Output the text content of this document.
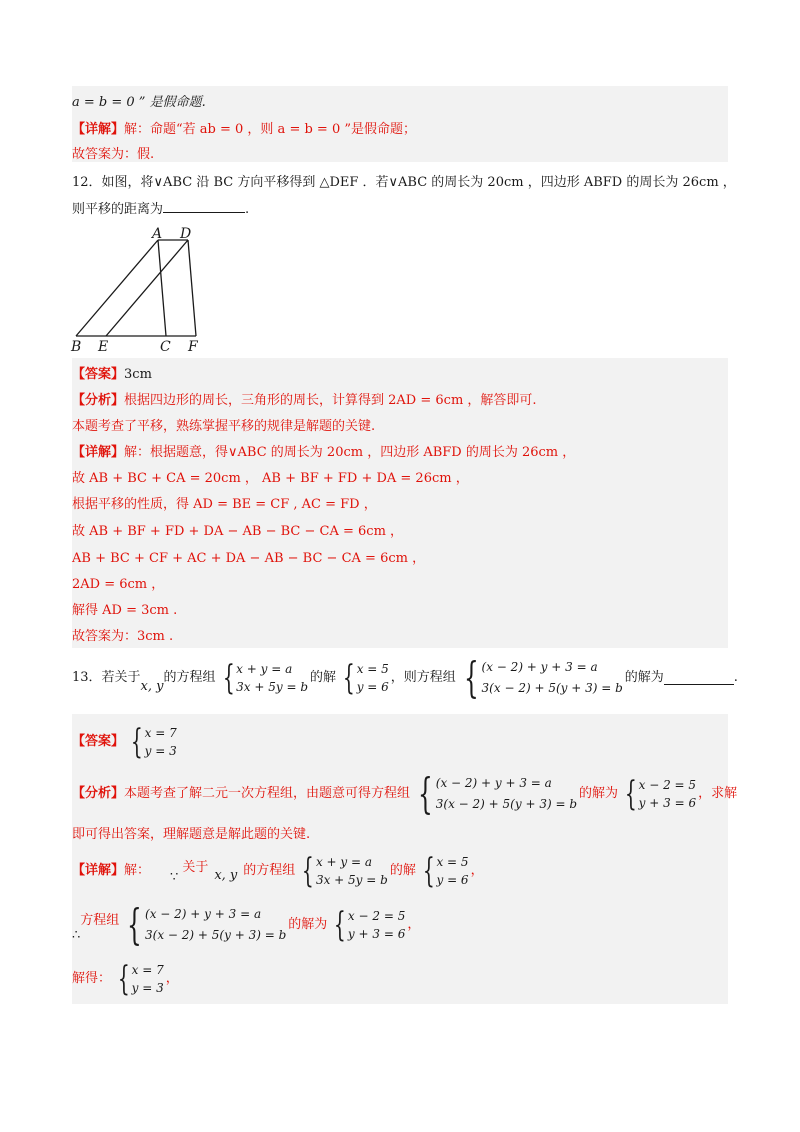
a = b = 0 ” 是假命题.
【详解】解：命题“若 ab = 0 ，则 a = b = 0 ”是假命题；
故答案为：假.
12．如图，将∨ABC 沿 BC 方向平移得到 △DEF ．若∨ABC 的周长为 20cm ，四边形 ABFD 的周长为 26cm ，
则平移的距离为	.
A D
B E	C F
【答案】3cm
【分析】根据四边形的周长，三角形的周长，计算得到 2AD = 6cm ，解答即可.
本题考查了平移，熟练掌握平移的规律是解题的关键.
【详解】解：根据题意，得∨ABC 的周长为 20cm ，四边形 ABFD 的周长为 26cm ，
故 AB + BC + CA = 20cm ， AB + BF + FD + DA = 26cm ，
根据平移的性质，得 AD = BE = CF , AC = FD ，
故 AB + BF + FD + DA − AB − BC − CA = 6cm ，
AB + BC + CF + AC + DA − AB − BC − CA = 6cm ，
2AD = 6cm ，
解得 AD = 3cm .
故答案为：3cm .
13．若关于
x, y
的方程组 { x + y = a
3x + 5y = b
的解 { x = 5
y = 6
，则方程组 { (x − 2) + y + 3 = a
3(x − 2) + 5(y + 3) = b
的解为	.
【答案】 { x = 7
y = 3
【分析】 本题考查了解二元一次方程组，由题意可得方程组 { (x − 2) + y + 3 = a
3(x − 2) + 5(y + 3) = b
的解为 { x − 2 = 5
y + 3 = 6
，求解
即可得出答案，理解题意是解此题的关键.
【详解】 解： ∵
关于
x, y 的方程组 { x + y = a
3x + 5y = b
的解 { x = 5
y = 6
，
∴
方程组 { (x − 2) + y + 3 = a
3(x − 2) + 5(y + 3) = b
的解为 { x − 2 = 5
y + 3 = 6
，
解得： { x = 7
y = 3
，
